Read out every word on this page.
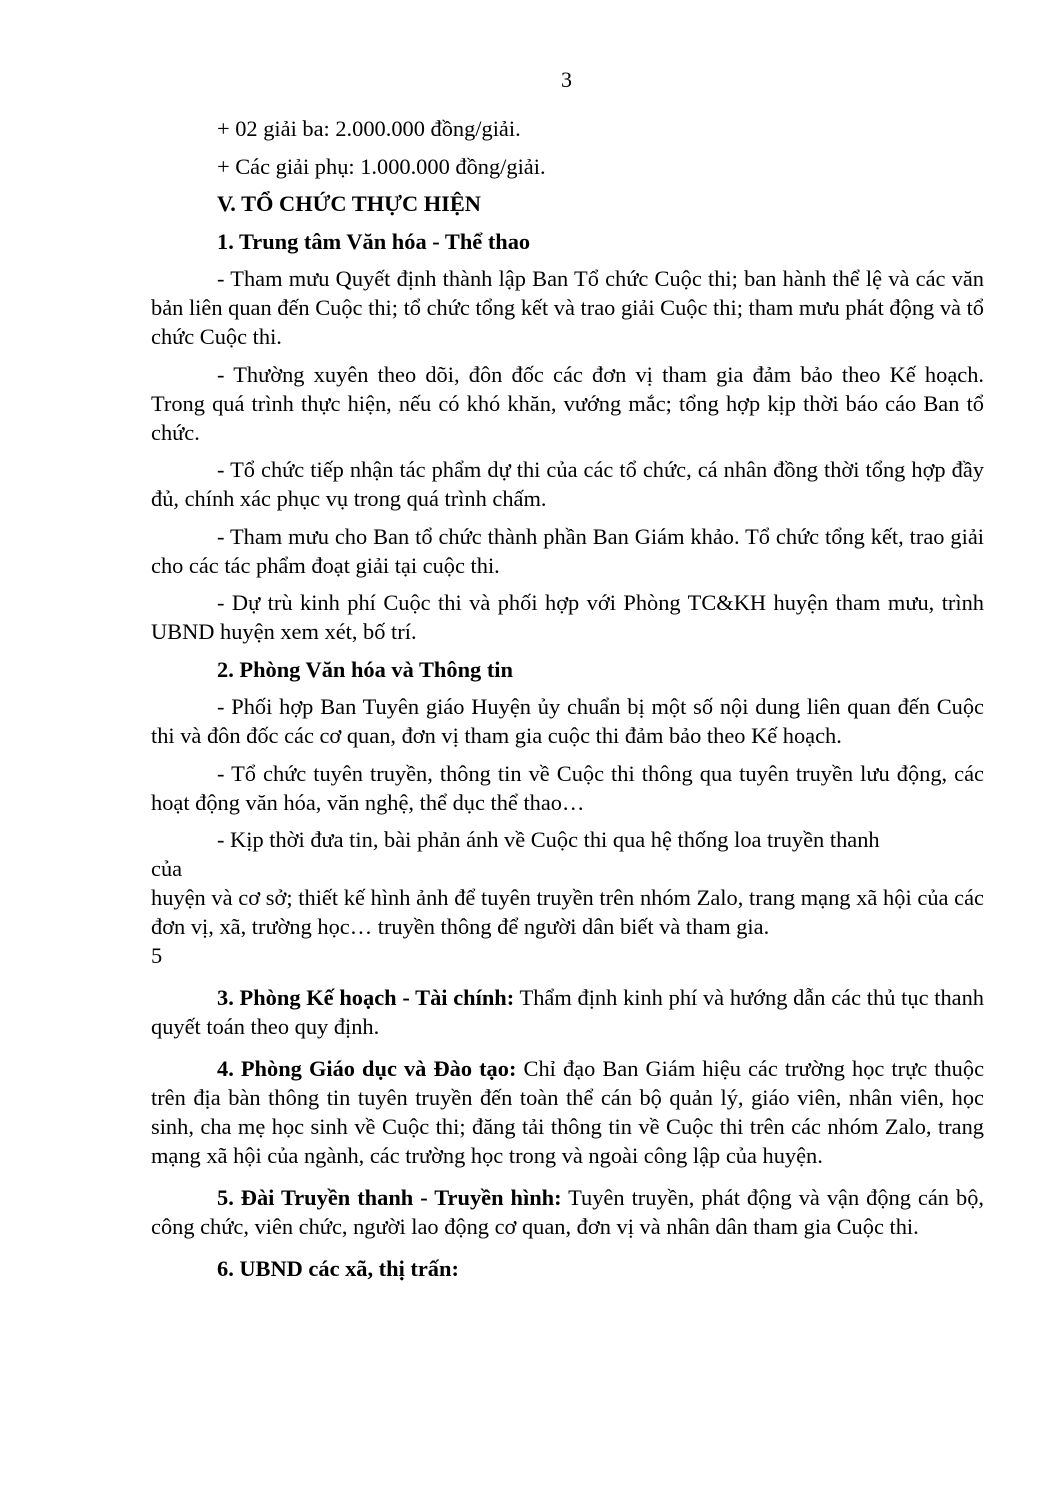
3

+ 02 giải ba: 2.000.000 đồng/giải.

+ Các giải phụ: 1.000.000 đồng/giải.

V. TỔ CHỨC THỰC HIỆN

1. Trung tâm Văn hóa - Thể thao

- Tham mưu Quyết định thành lập Ban Tổ chức Cuộc thi; ban hành thể lệ và các văn bản liên quan đến Cuộc thi; tổ chức tổng kết và trao giải Cuộc thi; tham mưu phát động và tổ chức Cuộc thi.

- Thường xuyên theo dõi, đôn đốc các đơn vị tham gia đảm bảo theo Kế hoạch. Trong quá trình thực hiện, nếu có khó khăn, vướng mắc; tổng hợp kịp thời báo cáo Ban tổ chức.

- Tổ chức tiếp nhận tác phẩm dự thi của các tổ chức, cá nhân đồng thời tổng hợp đầy đủ, chính xác phục vụ trong quá trình chấm.

- Tham mưu cho Ban tổ chức thành phần Ban Giám khảo. Tổ chức tổng kết, trao giải cho các tác phẩm đoạt giải tại cuộc thi.

- Dự trù kinh phí Cuộc thi và phối hợp với Phòng TC&KH huyện tham mưu, trình UBND huyện xem xét, bố trí.

2. Phòng Văn hóa và Thông tin

- Phối hợp Ban Tuyên giáo Huyện ủy chuẩn bị một số nội dung liên quan đến Cuộc thi và đôn đốc các cơ quan, đơn vị tham gia cuộc thi đảm bảo theo Kế hoạch.

- Tổ chức tuyên truyền, thông tin về Cuộc thi thông qua tuyên truyền lưu động, các hoạt động văn hóa, văn nghệ, thể dục thể thao…

- Kịp thời đưa tin, bài phản ánh về Cuộc thi qua hệ thống loa truyền thanh

của

huyện và cơ sở; thiết kế hình ảnh để tuyên truyền trên nhóm Zalo, trang mạng xã hội của các đơn vị, xã, trường học… truyền thông để người dân biết và tham gia.

5

3. Phòng Kế hoạch - Tài chính: Thẩm định kinh phí và hướng dẫn các thủ tục thanh quyết toán theo quy định.

4. Phòng Giáo dục và Đào tạo: Chỉ đạo Ban Giám hiệu các trường học trực thuộc trên địa bàn thông tin tuyên truyền đến toàn thể cán bộ quản lý, giáo viên, nhân viên, học sinh, cha mẹ học sinh về Cuộc thi; đăng tải thông tin về Cuộc thi trên các nhóm Zalo, trang mạng xã hội của ngành, các trường học trong và ngoài công lập của huyện.

5. Đài Truyền thanh - Truyền hình: Tuyên truyền, phát động và vận động cán bộ, công chức, viên chức, người lao động cơ quan, đơn vị và nhân dân tham gia Cuộc thi.

6. UBND các xã, thị trấn:
